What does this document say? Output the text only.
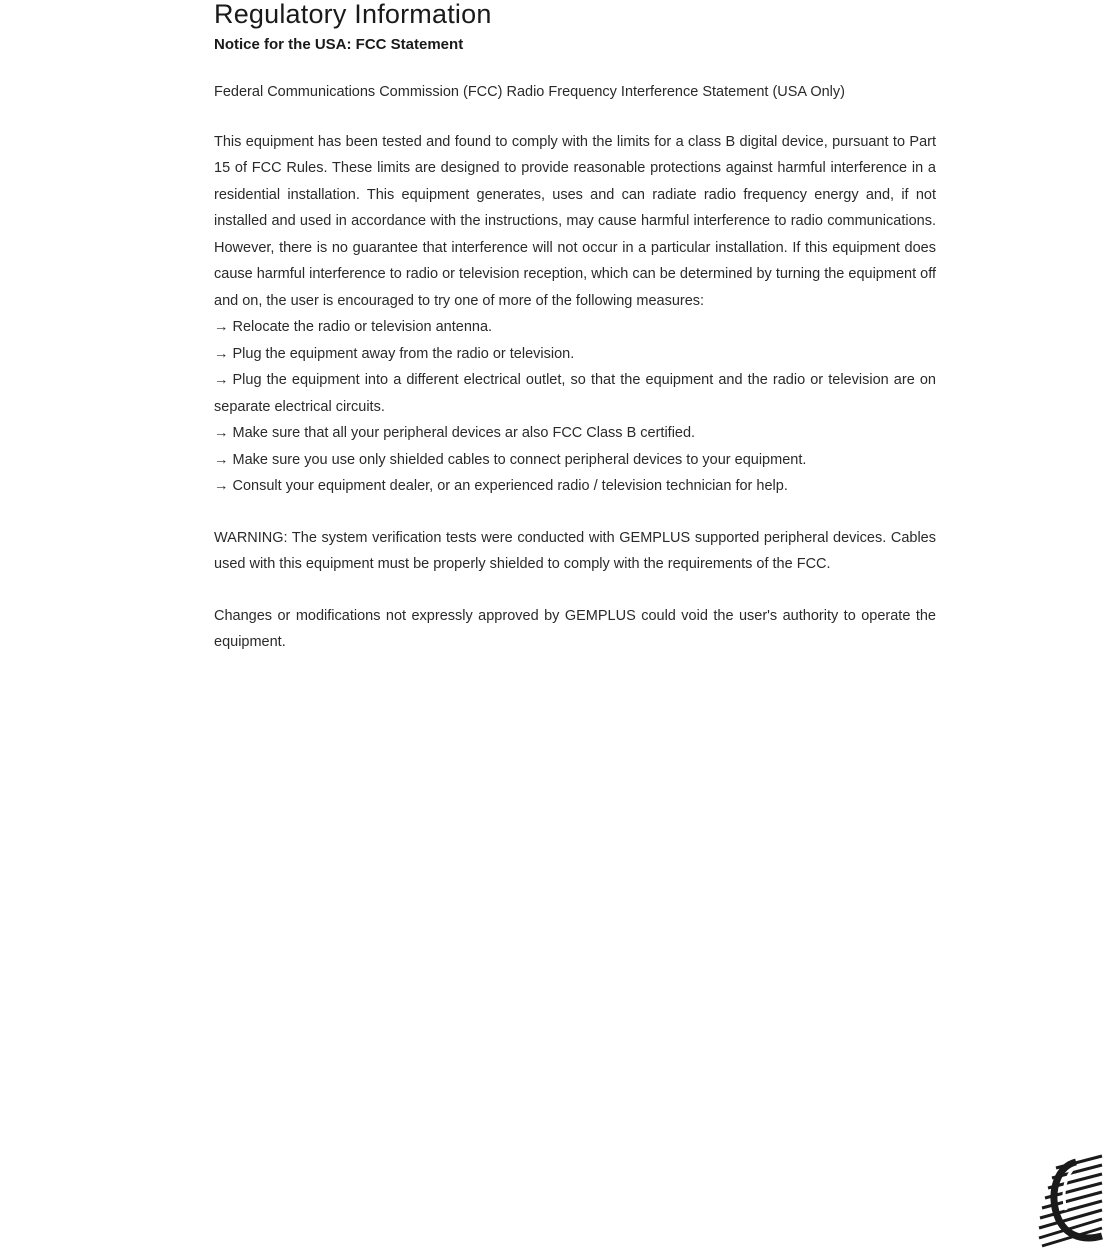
Regulatory Information
Notice for the USA: FCC Statement

Federal Communications Commission (FCC) Radio Frequency Interference Statement (USA Only)

This equipment has been tested and found to comply with the limits for a class B digital device, pursuant to Part 15 of FCC Rules. These limits are designed to provide reasonable protections against harmful interference in a residential installation. This equipment generates, uses and can radiate radio frequency energy and, if not installed and used in accordance with the instructions, may cause harmful interference to radio communications. However, there is no guarantee that interference will not occur in a particular installation. If this equipment does cause harmful interference to radio or television reception, which can be determined by turning the equipment off and on, the user is encouraged to try one of more of the following measures:

→ Relocate the radio or television antenna.
→ Plug the equipment away from the radio or television.
→ Plug the equipment into a different electrical outlet, so that the equipment and the radio or television are on separate electrical circuits.
→ Make sure that all your peripheral devices ar also FCC Class B certified.
→ Make sure you use only shielded cables to connect peripheral devices to your equipment.
→ Consult your equipment dealer, or an experienced radio / television technician for help.

WARNING: The system verification tests were conducted with GEMPLUS supported peripheral devices. Cables used with this equipment must be properly shielded to comply with the requirements of the FCC.

Changes or modifications not expressly approved by GEMPLUS could void the user's authority to operate the equipment.
